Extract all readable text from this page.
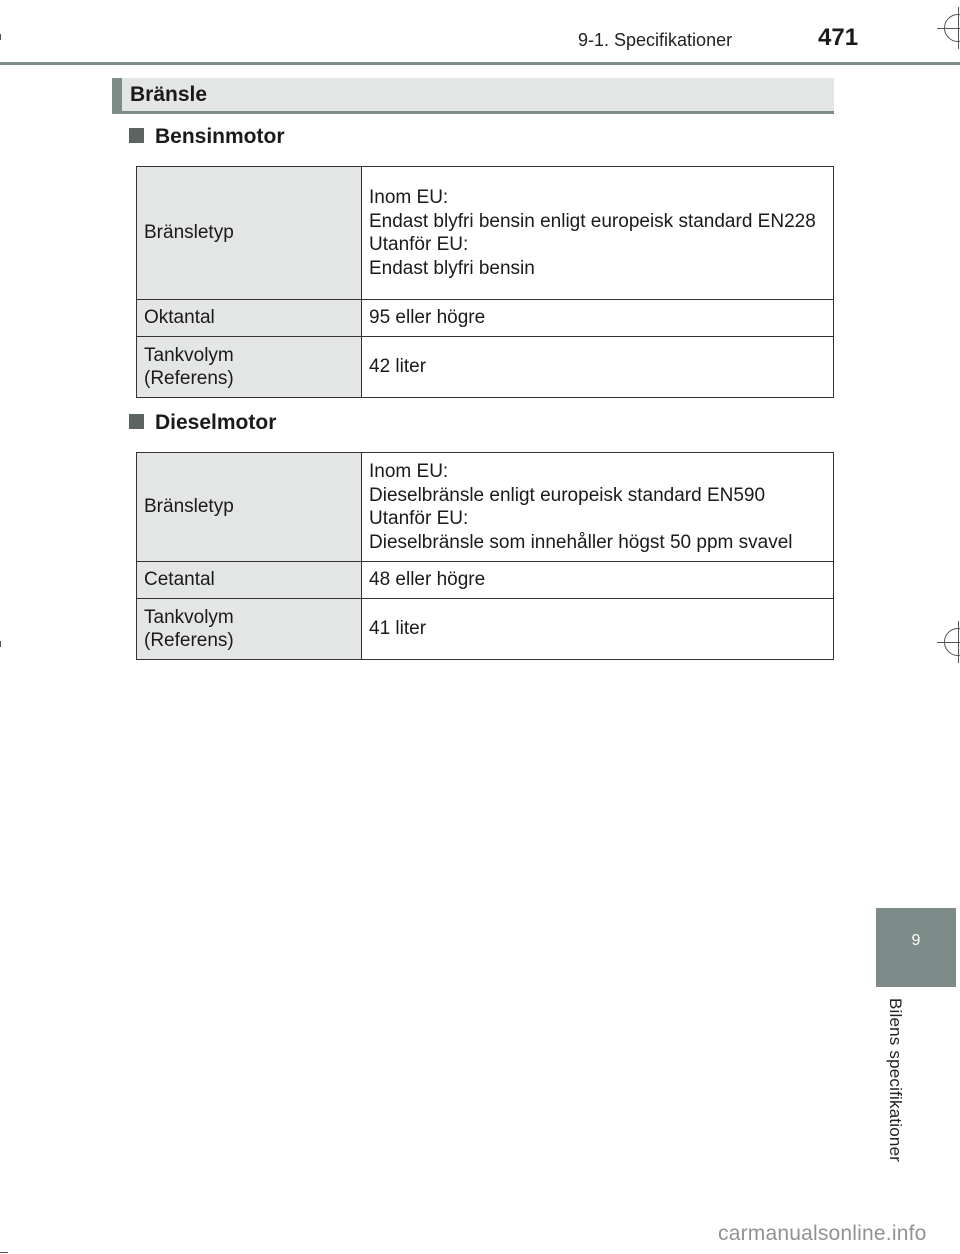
9-1. Specifikationer	471
Bränsle
Bensinmotor
Bränsletyp	Inom EU:
Endast blyfri bensin enligt europeisk standard EN228
Utanför EU:
Endast blyfri bensin

Oktantal	95 eller högre

Tankvolym
(Referens)	42 liter
Dieselmotor
Bränsletyp	Inom EU:
Dieselbränsle enligt europeisk standard EN590
Utanför EU:
Dieselbränsle som innehåller högst 50 ppm svavel

Cetantal	48 eller högre

Tankvolym
(Referens)	41 liter
9
Bilens specifikationer
carmanualsonline.info
